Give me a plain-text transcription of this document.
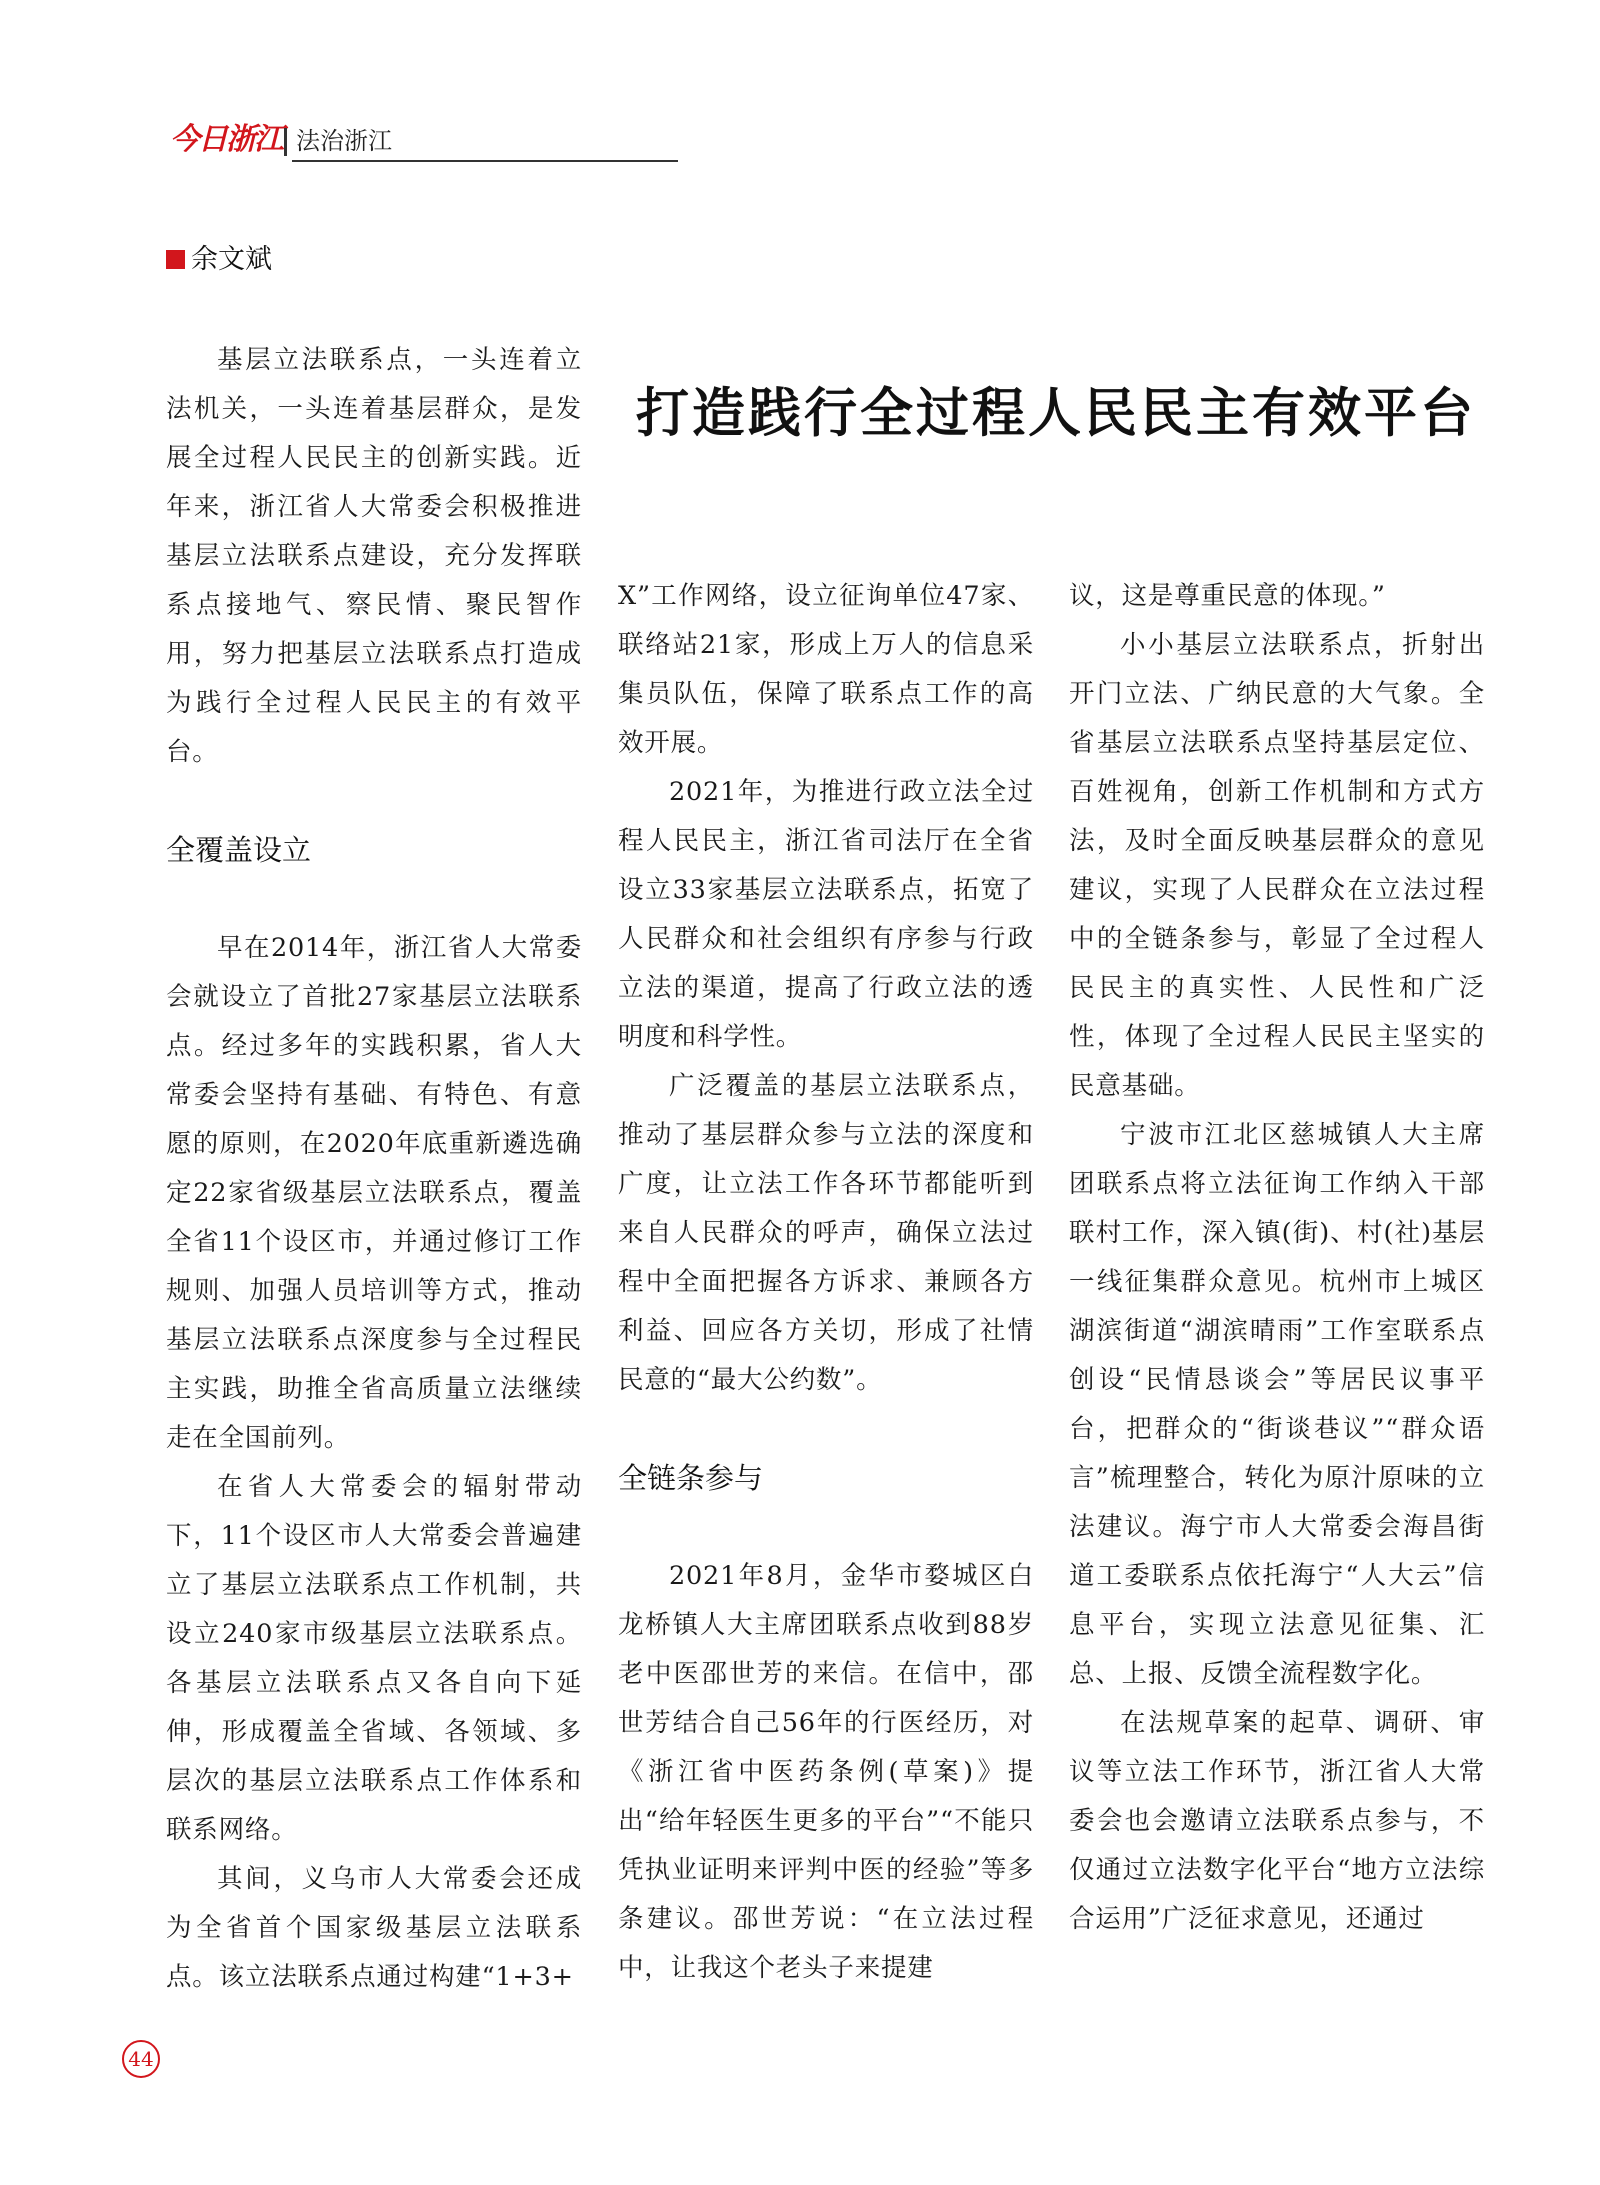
今日浙江 法治浙江
余文斌
打造践行全过程人民民主有效平台

基层立法联系点，一头连着立法机关，一头连着基层群众，是发展全过程人民民主的创新实践。近年来，浙江省人大常委会积极推进基层立法联系点建设，充分发挥联系点接地气、察民情、聚民智作用，努力把基层立法联系点打造成为践行全过程人民民主的有效平台。

全覆盖设立

早在2014年，浙江省人大常委会就设立了首批27家基层立法联系点。经过多年的实践积累，省人大常委会坚持有基础、有特色、有意愿的原则，在2020年底重新遴选确定22家省级基层立法联系点，覆盖全省11个设区市，并通过修订工作规则、加强人员培训等方式，推动基层立法联系点深度参与全过程民主实践，助推全省高质量立法继续走在全国前列。

在省人大常委会的辐射带动下，11个设区市人大常委会普遍建立了基层立法联系点工作机制，共设立240家市级基层立法联系点。各基层立法联系点又各自向下延伸，形成覆盖全省域、各领域、多层次的基层立法联系点工作体系和联系网络。

其间，义乌市人大常委会还成为全省首个国家级基层立法联系点。该立法联系点通过构建“1+3+

X”工作网络，设立征询单位47家、联络站21家，形成上万人的信息采集员队伍，保障了联系点工作的高效开展。

2021年，为推进行政立法全过程人民民主，浙江省司法厅在全省设立33家基层立法联系点，拓宽了人民群众和社会组织有序参与行政立法的渠道，提高了行政立法的透明度和科学性。

广泛覆盖的基层立法联系点，推动了基层群众参与立法的深度和广度，让立法工作各环节都能听到来自人民群众的呼声，确保立法过程中全面把握各方诉求、兼顾各方利益、回应各方关切，形成了社情民意的“最大公约数”。

全链条参与

2021年8月，金华市婺城区白龙桥镇人大主席团联系点收到88岁老中医邵世芳的来信。在信中，邵世芳结合自己56年的行医经历，对《浙江省中医药条例(草案)》提出“给年轻医生更多的平台”“不能只凭执业证明来评判中医的经验”等多条建议。邵世芳说：“在立法过程中，让我这个老头子来提建

议，这是尊重民意的体现。”

小小基层立法联系点，折射出开门立法、广纳民意的大气象。全省基层立法联系点坚持基层定位、百姓视角，创新工作机制和方式方法，及时全面反映基层群众的意见建议，实现了人民群众在立法过程中的全链条参与，彰显了全过程人民民主的真实性、人民性和广泛性，体现了全过程人民民主坚实的民意基础。

宁波市江北区慈城镇人大主席团联系点将立法征询工作纳入干部联村工作，深入镇(街)、村(社)基层一线征集群众意见。杭州市上城区湖滨街道“湖滨晴雨”工作室联系点创设“民情恳谈会”等居民议事平台，把群众的“街谈巷议”“群众语言”梳理整合，转化为原汁原味的立法建议。海宁市人大常委会海昌街道工委联系点依托海宁“人大云”信息平台，实现立法意见征集、汇总、上报、反馈全流程数字化。

在法规草案的起草、调研、审议等立法工作环节，浙江省人大常委会也会邀请立法联系点参与，不仅通过立法数字化平台“地方立法综合运用”广泛征求意见，还通过

44
